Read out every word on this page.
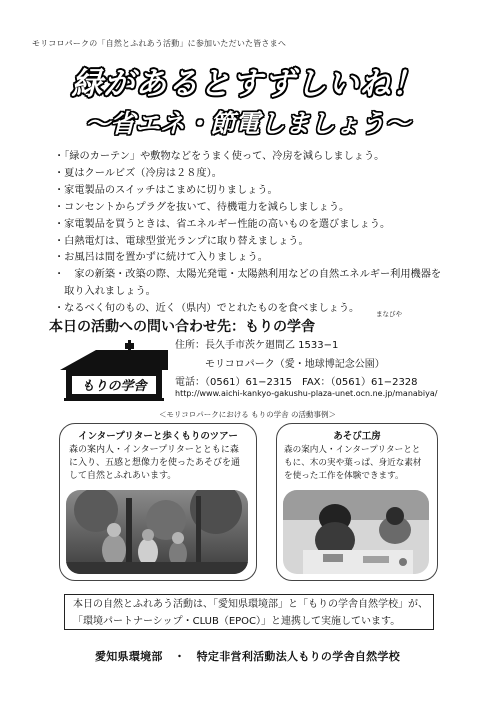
モリコロパークの「自然とふれあう活動」に参加いただいた皆さまへ
緑があるとすずしいね！
～省エネ・節電しましょう～
・「緑のカーテン」や敷物などをうまく使って、冷房を減らしましょう。
・夏はクールビズ（冷房は２８度）。
・家電製品のスイッチはこまめに切りましょう。
・コンセントからプラグを抜いて、待機電力を減らしましょう。
・家電製品を買うときは、省エネルギー性能の高いものを選びましょう。
・白熱電灯は、電球型蛍光ランプに取り替えましょう。
・お風呂は間を置かずに続けて入りましょう。
・　家の新築・改築の際、太陽光発電・太陽熱利用などの自然エネルギー利用機器を
　取り入れましょう。
・なるべく旬のもの、近く（県内）でとれたものを食べましょう。	まなびや
本日の活動への問い合わせ先：もりの学舎
もりの学舎
住所：長久手市茨ケ廻間乙 1533−1
モリコロパーク（愛・地球博記念公園）
電話：（0561）61−2315　FAX：（0561）61−2328
http://www.aichi-kankyo-gakushu-plaza-unet.ocn.ne.jp/manabiya/
＜モリコロパークにおける もりの学舎 の活動事例＞
インタープリターと歩くもりのツアー
森の案内人・インタープリターとともに森
に入り、五感と想像力を使ったあそびを通
して自然とふれあいます。
あそび工房
森の案内人・インタープリターとと
もに、木の実や葉っぱ、身近な素材
を使った工作を体験できます。
本日の自然とふれあう活動は、「愛知県環境部」と「もりの学舎自然学校」が、
「環境パートナーシップ・CLUB（EPOC）」と連携して実施しています。
愛知県環境部　・　特定非営利活動法人もりの学舎自然学校
